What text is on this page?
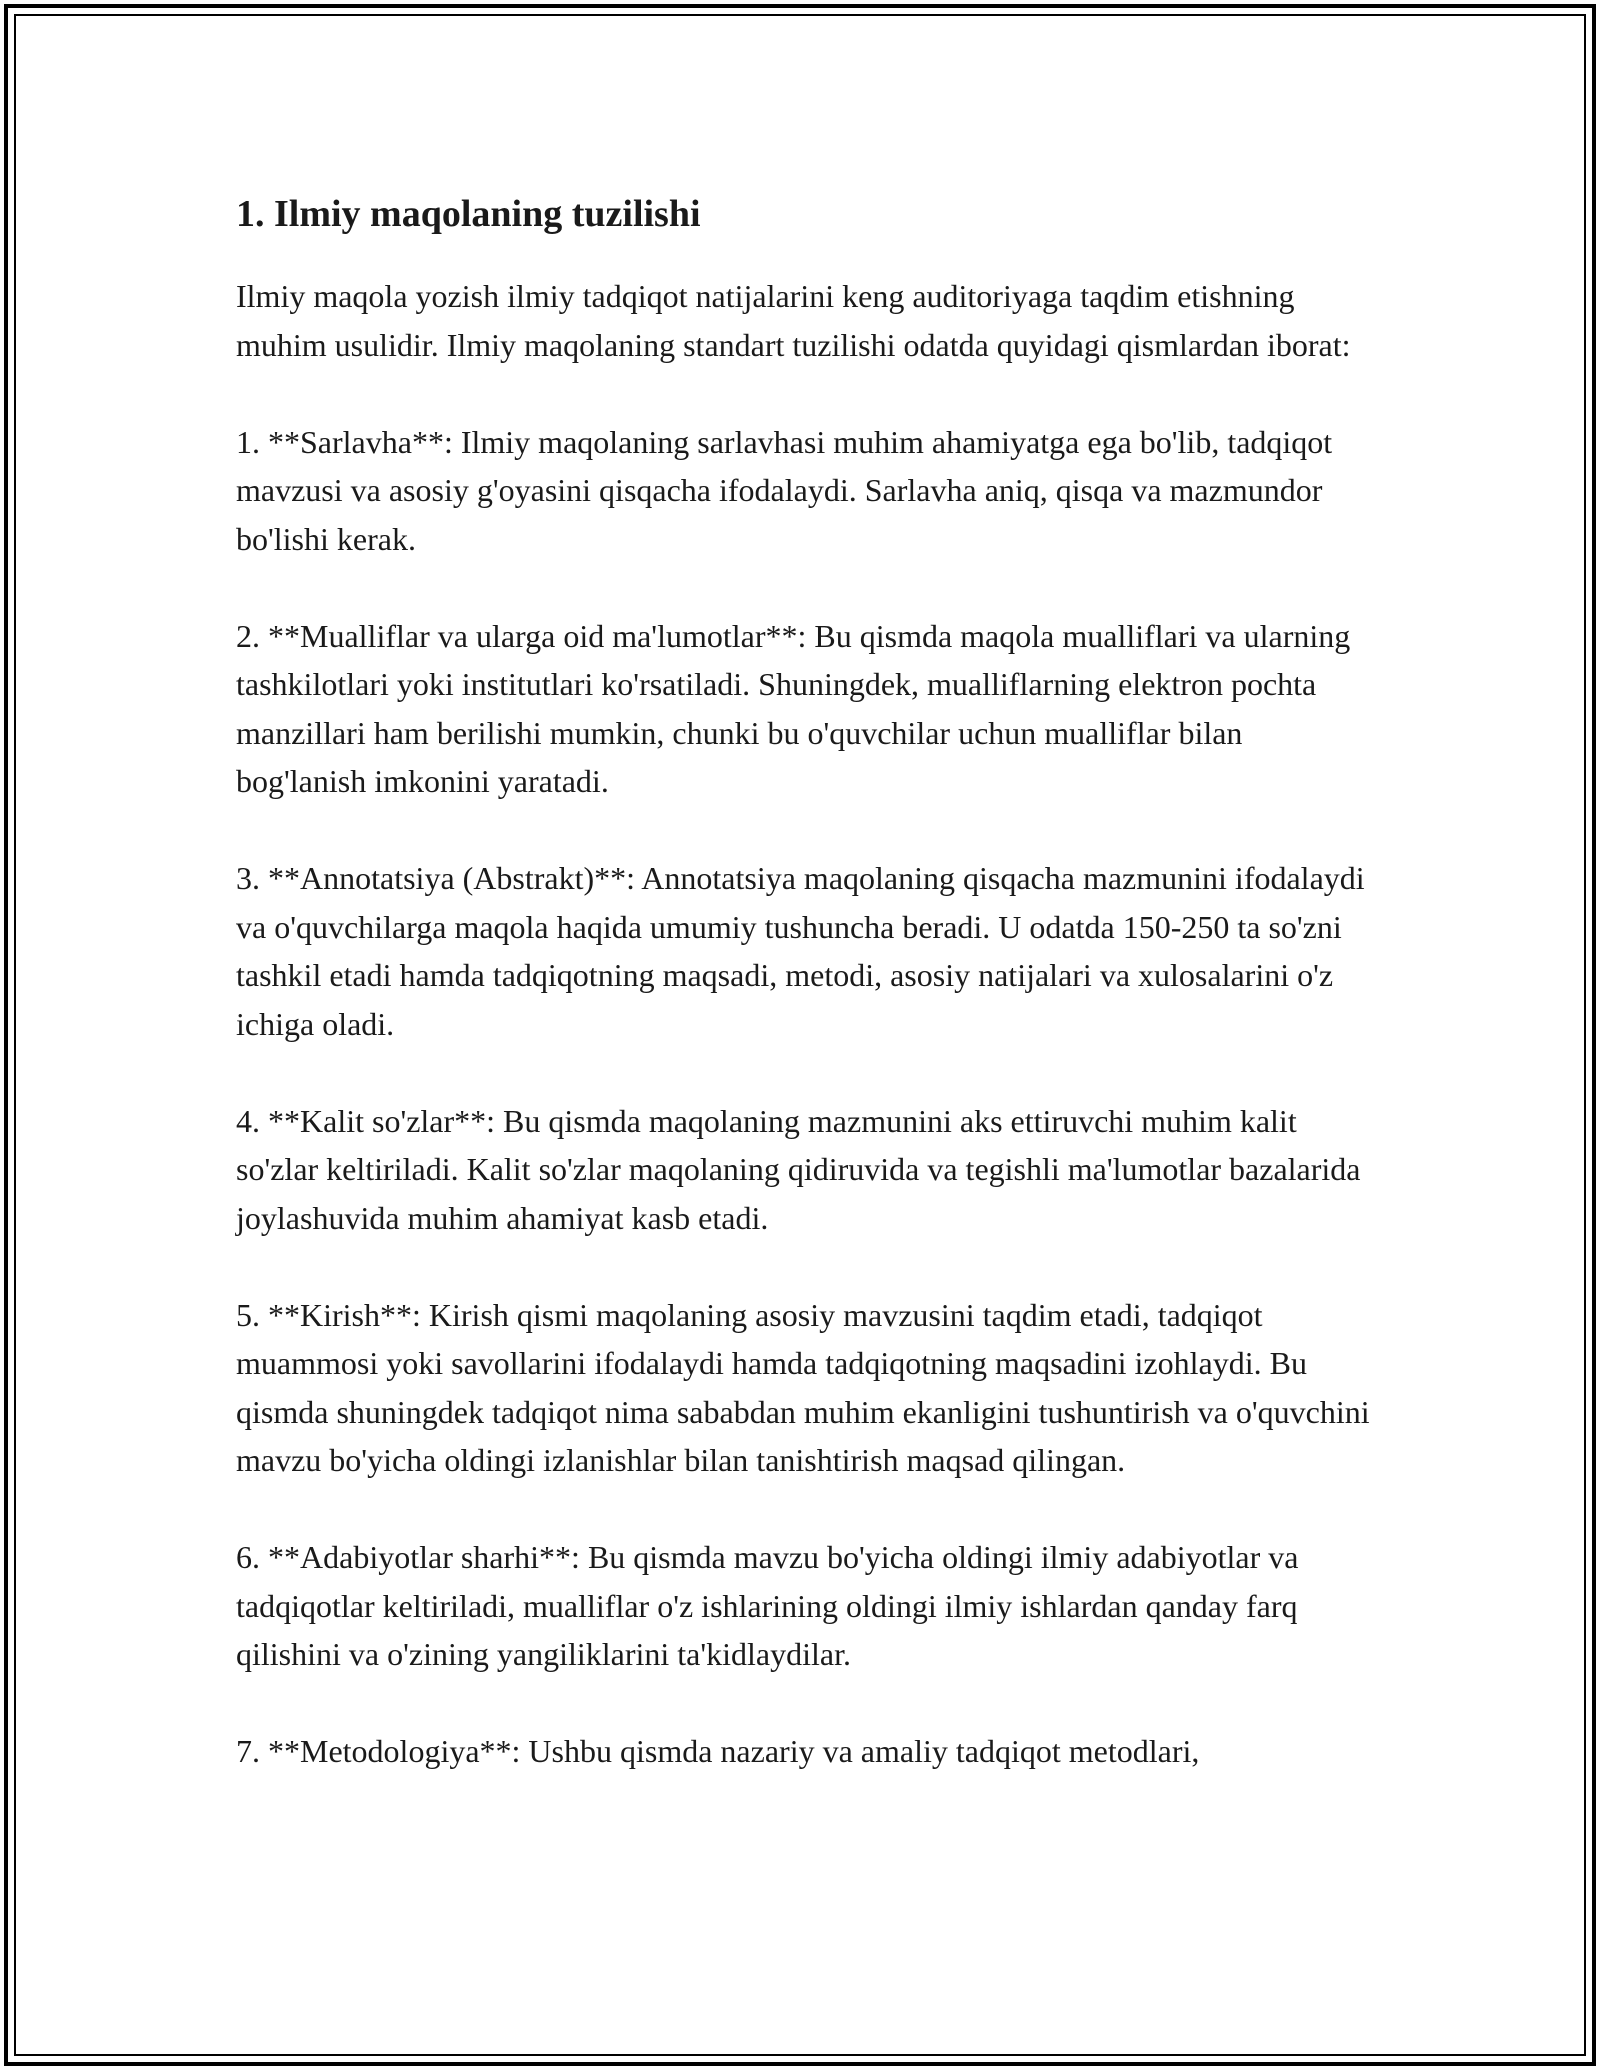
1. Ilmiy maqolaning tuzilishi
Ilmiy maqola yozish ilmiy tadqiqot natijalarini keng auditoriyaga taqdim etishning muhim usulidir. Ilmiy maqolaning standart tuzilishi odatda quyidagi qismlardan iborat:
1. **Sarlavha**: Ilmiy maqolaning sarlavhasi muhim ahamiyatga ega bo'lib, tadqiqot mavzusi va asosiy g'oyasini qisqacha ifodalaydi. Sarlavha aniq, qisqa va mazmundor bo'lishi kerak.
2. **Mualliflar va ularga oid ma'lumotlar**: Bu qismda maqola mualliflari va ularning tashkilotlari yoki institutlari ko'rsatiladi. Shuningdek, mualliflarning elektron pochta manzillari ham berilishi mumkin, chunki bu o'quvchilar uchun mualliflar bilan bog'lanish imkonini yaratadi.
3. **Annotatsiya (Abstrakt)**: Annotatsiya maqolaning qisqacha mazmunini ifodalaydi va o'quvchilarga maqola haqida umumiy tushuncha beradi. U odatda 150-250 ta so'zni tashkil etadi hamda tadqiqotning maqsadi, metodi, asosiy natijalari va xulosalarini o'z ichiga oladi.
4. **Kalit so'zlar**: Bu qismda maqolaning mazmunini aks ettiruvchi muhim kalit so'zlar keltiriladi. Kalit so'zlar maqolaning qidiruvida va tegishli ma'lumotlar bazalarida joylashuvida muhim ahamiyat kasb etadi.
5. **Kirish**: Kirish qismi maqolaning asosiy mavzusini taqdim etadi, tadqiqot muammosi yoki savollarini ifodalaydi hamda tadqiqotning maqsadini izohlaydi. Bu qismda shuningdek tadqiqot nima sababdan muhim ekanligini tushuntirish va o'quvchini mavzu bo'yicha oldingi izlanishlar bilan tanishtirish maqsad qilingan.
6. **Adabiyotlar sharhi**: Bu qismda mavzu bo'yicha oldingi ilmiy adabiyotlar va tadqiqotlar keltiriladi, mualliflar o'z ishlarining oldingi ilmiy ishlardan qanday farq qilishini va o'zining yangiliklarini ta'kidlaydilar.
7. **Metodologiya**: Ushbu qismda nazariy va amaliy tadqiqot metodlari,
